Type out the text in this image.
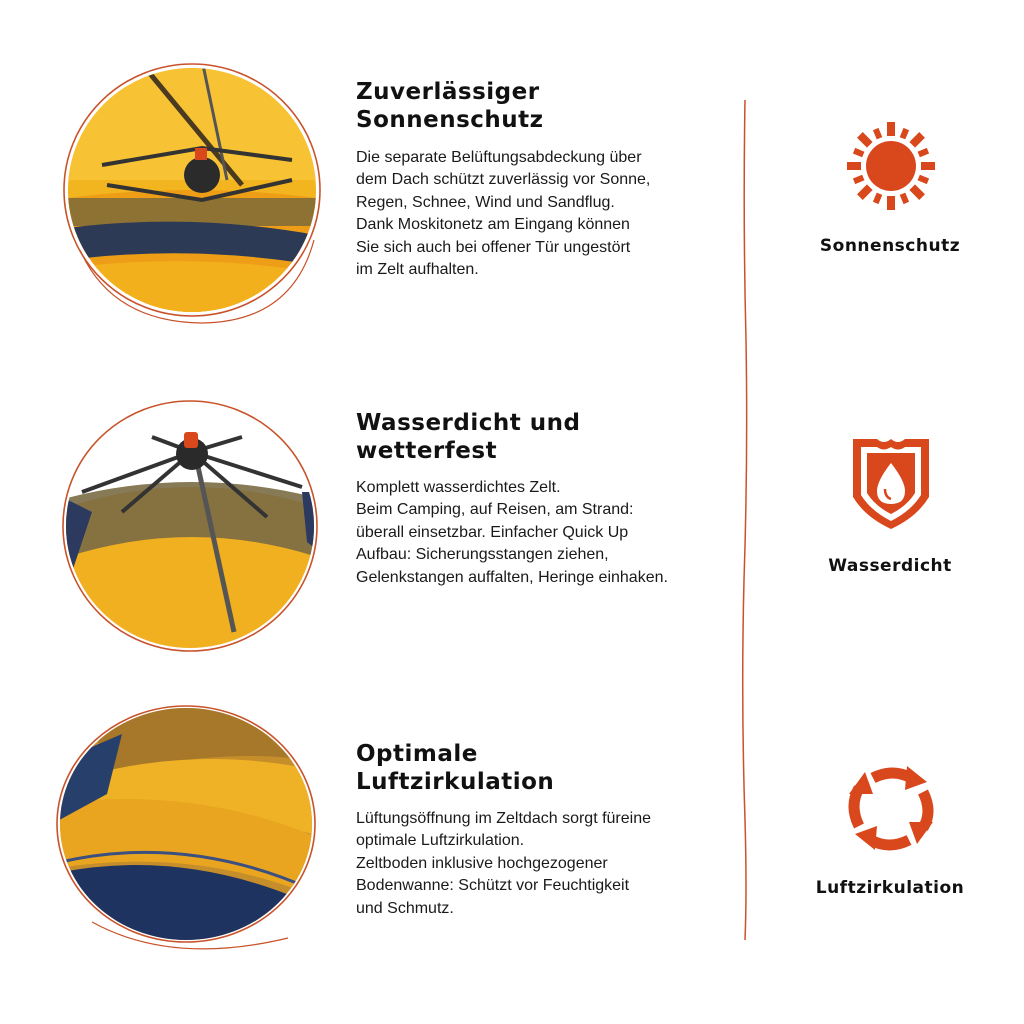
Zuverlässiger
Sonnenschutz

Die separate Belüftungsabdeckung über
dem Dach schützt zuverlässig vor Sonne,
Regen, Schnee, Wind und Sandflug.
Dank Moskitonetz am Eingang können
Sie sich auch bei offener Tür ungestört
im Zelt aufhalten.

Wasserdicht und
wetterfest

Komplett wasserdichtes Zelt.
Beim Camping, auf Reisen, am Strand:
überall einsetzbar. Einfacher Quick Up
Aufbau: Sicherungsstangen ziehen,
Gelenkstangen auffalten, Heringe einhaken.

Optimale
Luftzirkulation

Lüftungsöffnung im Zeltdach sorgt füreine
optimale Luftzirkulation.
Zeltboden inklusive hochgezogener
Bodenwanne: Schützt vor Feuchtigkeit
und Schmutz.

Sonnenschutz
Wasserdicht
Luftzirkulation
